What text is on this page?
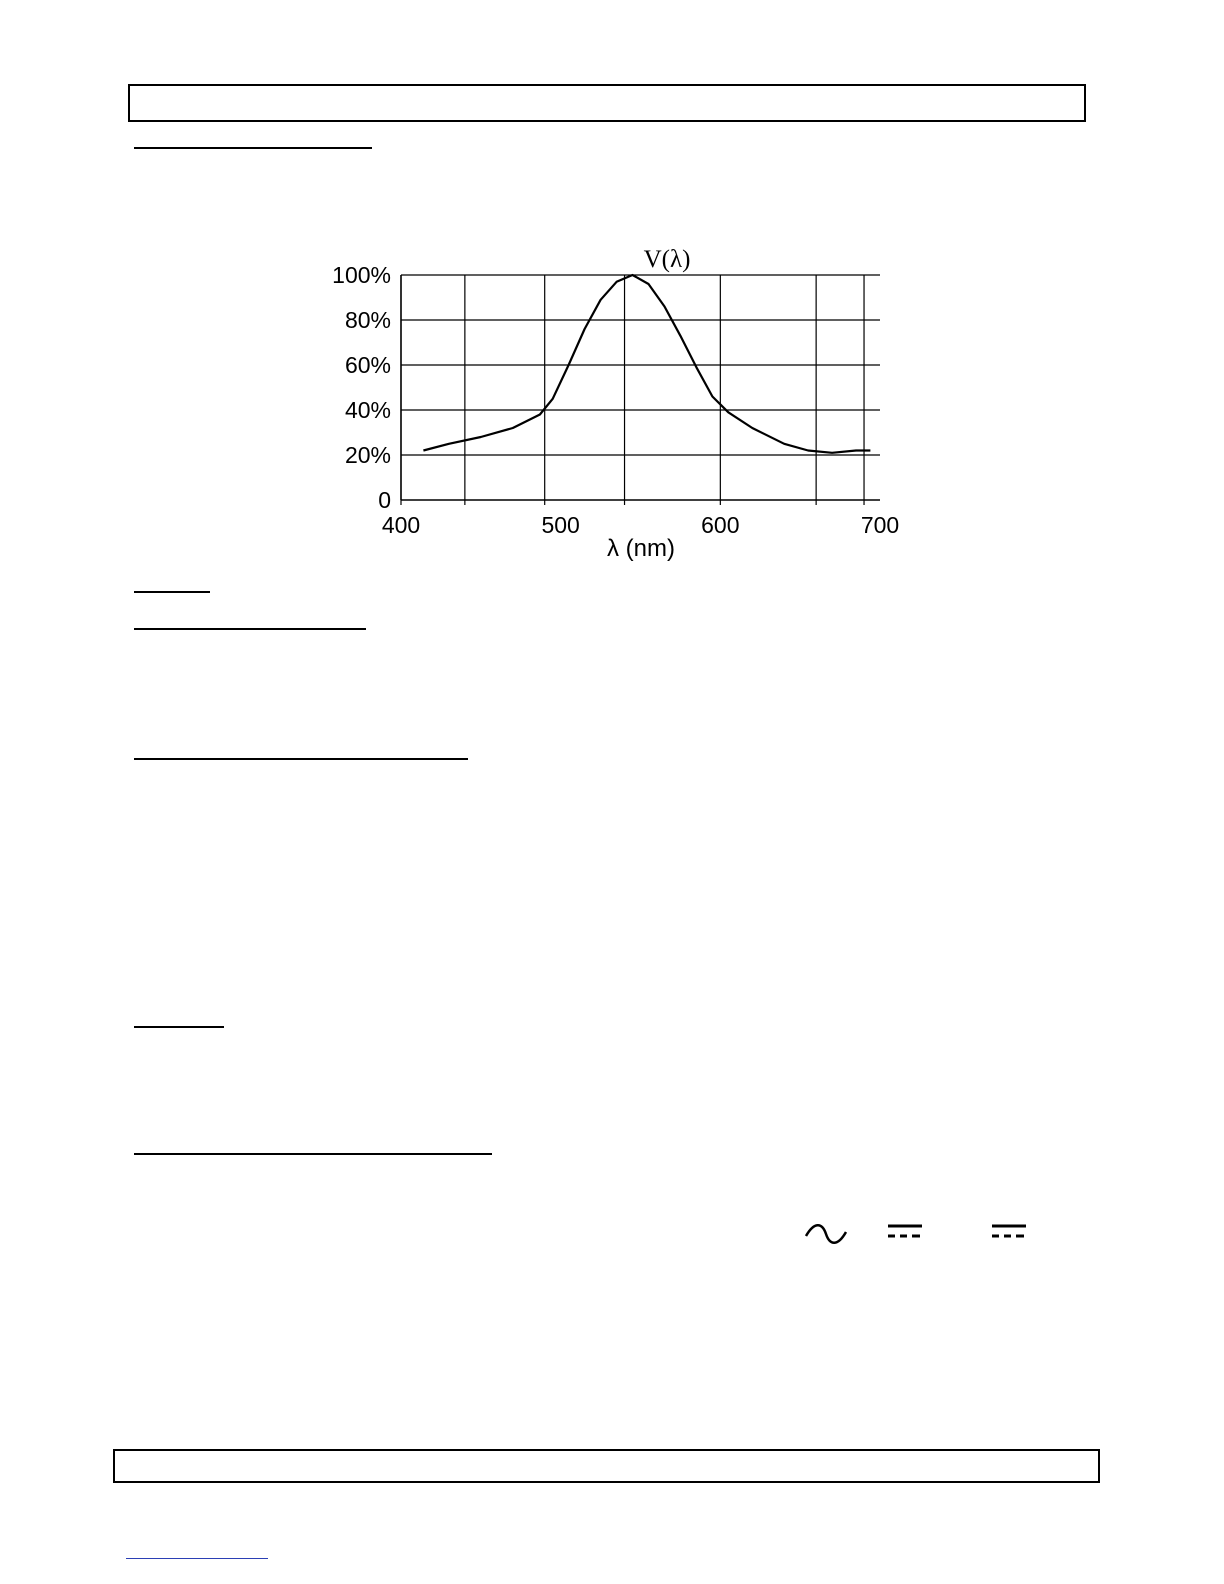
V(λ)
λ (nm)
0
20%
40%
60%
80%
100%
400	500	600	700
